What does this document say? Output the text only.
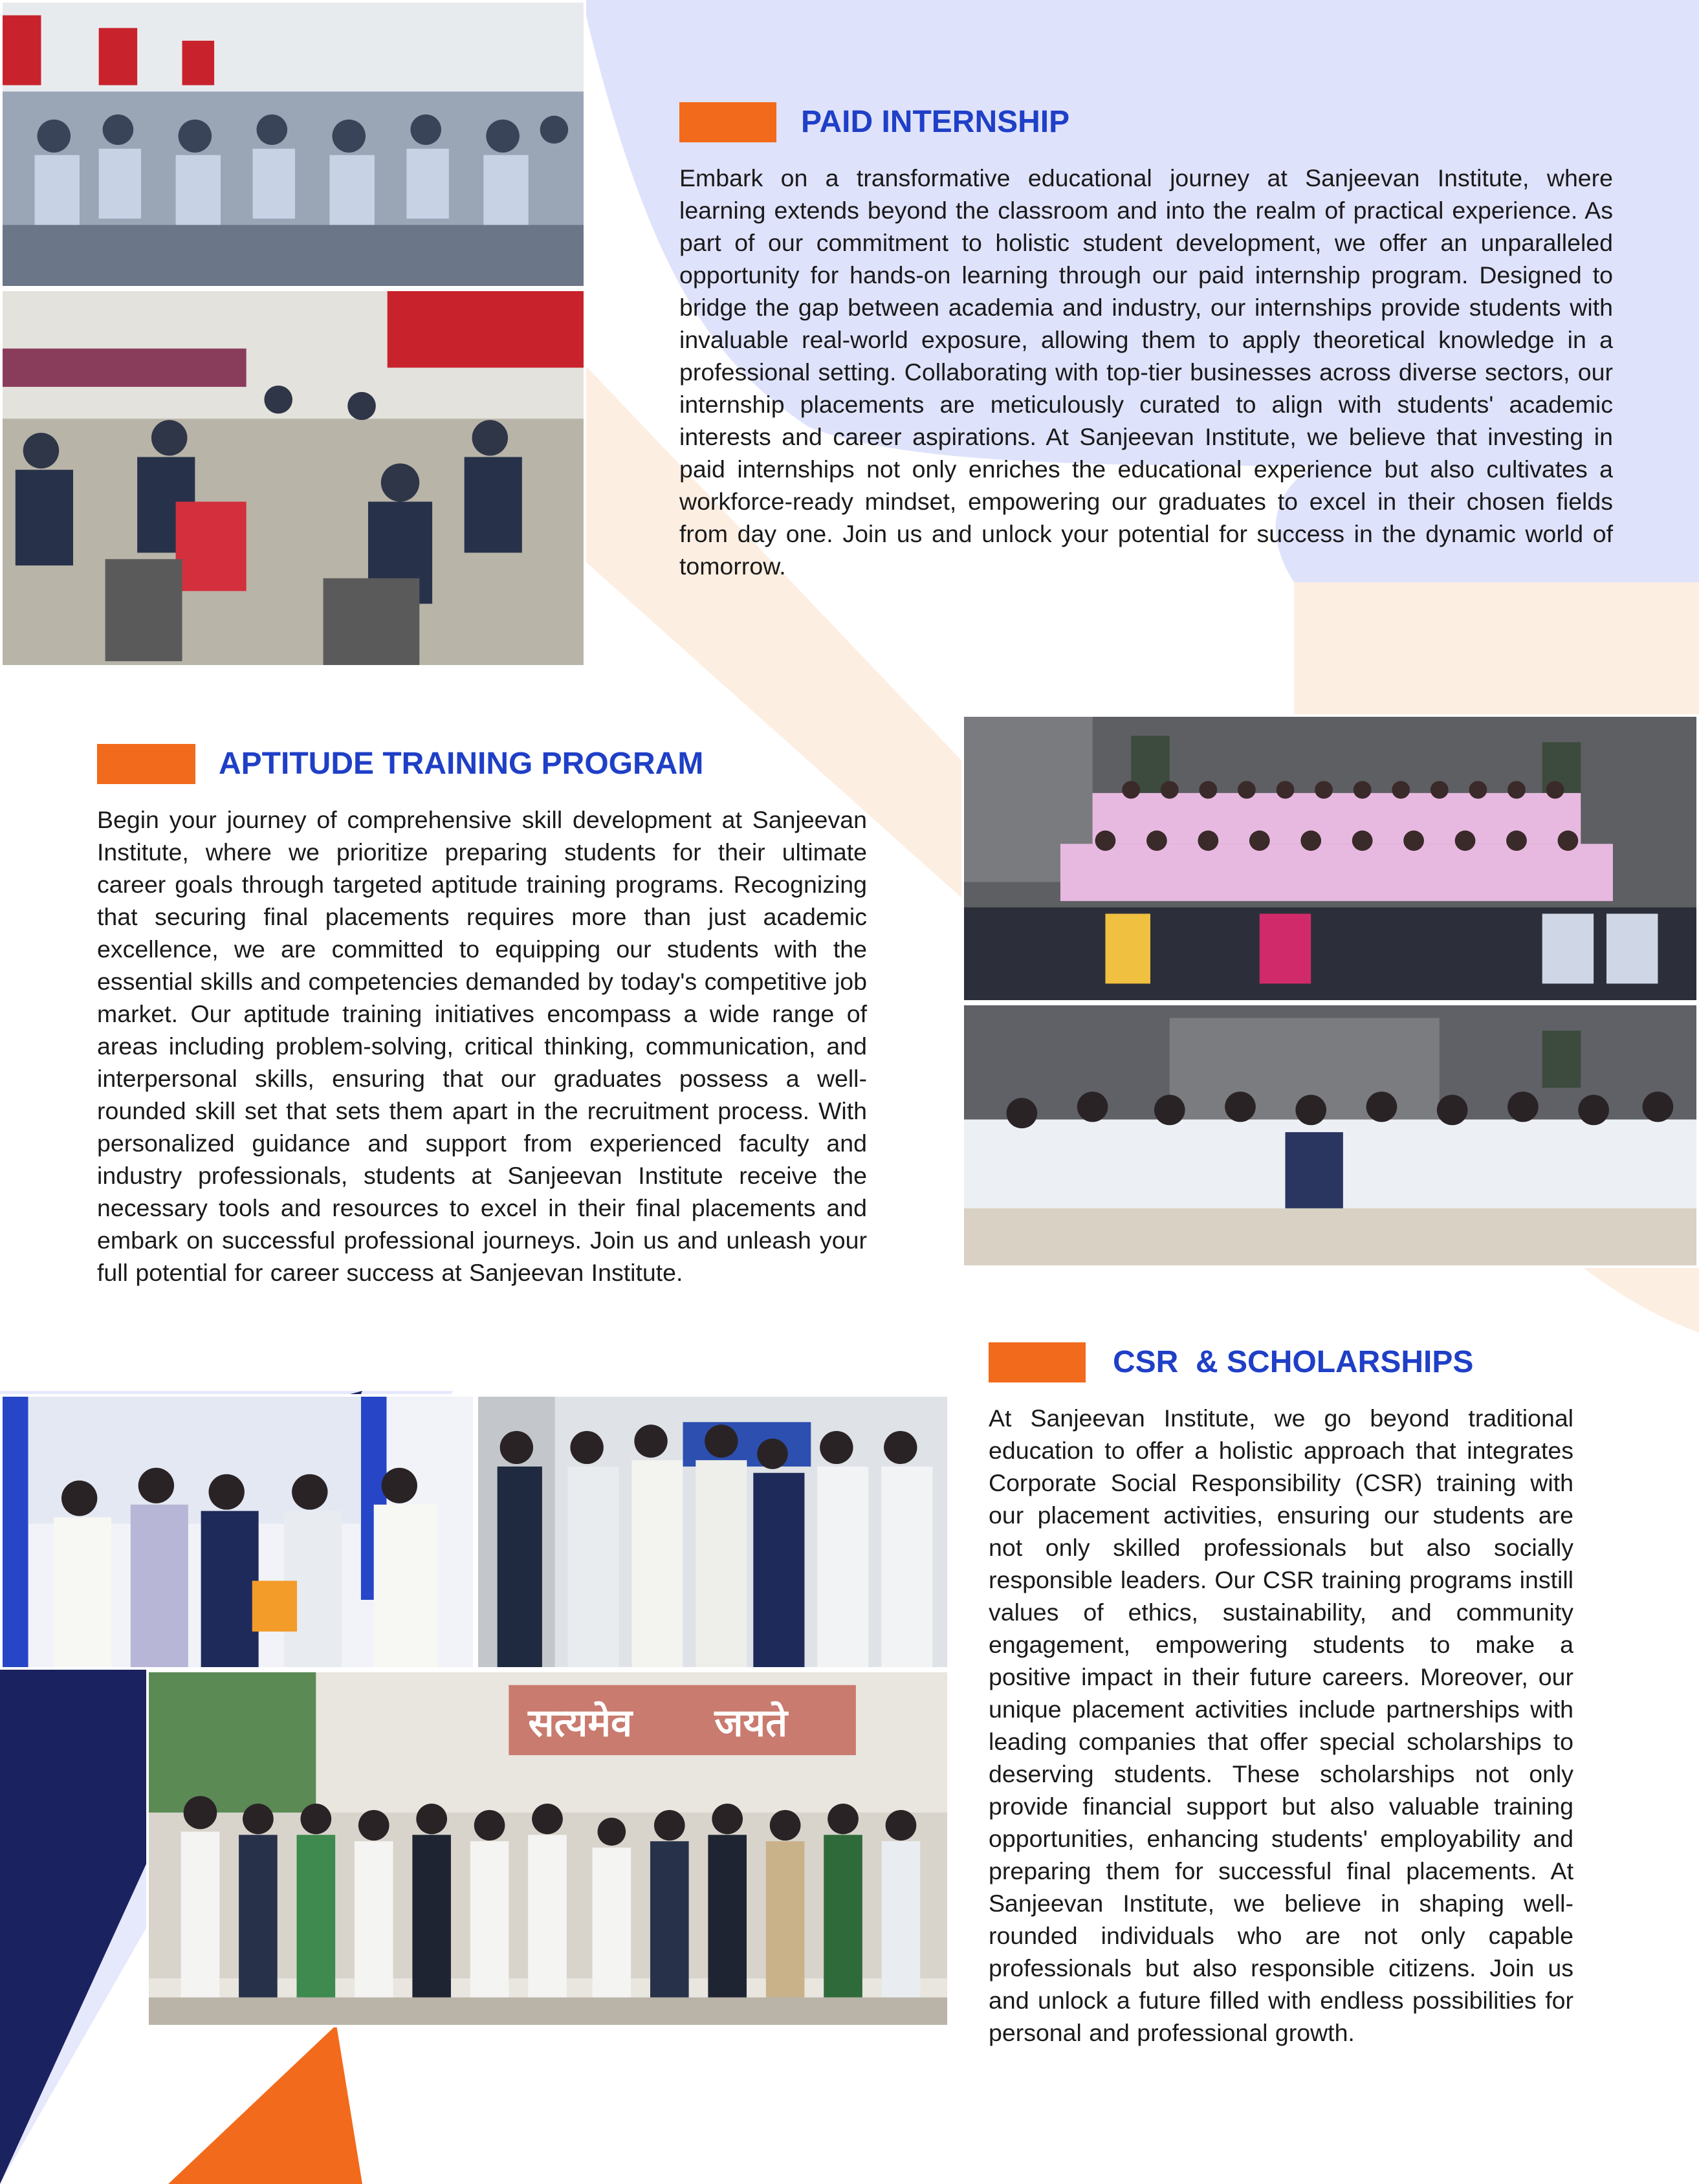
सत्यमेव जयते
PAID INTERNSHIP

Embark on a transformative educational journey at Sanjeevan Institute, where learning extends beyond the classroom and into the realm of practical experience. As part of our commitment to holistic student development, we offer an unparalleled opportunity for hands-on learning through our paid internship program. Designed to bridge the gap between academia and industry, our internships provide students with invaluable real-world exposure, allowing them to apply theoretical knowledge in a professional setting. Collaborating with top-tier businesses across diverse sectors, our internship placements are meticulously curated to align with students' academic interests and career aspirations. At Sanjeevan Institute, we believe that investing in paid internships not only enriches the educational experience but also cultivates a workforce-ready mindset, empowering our graduates to excel in their chosen fields from day one. Join us and unlock your potential for success in the dynamic world of tomorrow.

APTITUDE TRAINING PROGRAM

Begin your journey of comprehensive skill development at Sanjeevan Institute, where we prioritize preparing students for their ultimate career goals through targeted aptitude training programs. Recognizing that securing final placements requires more than just academic excellence, we are committed to equipping our students with the essential skills and competencies demanded by today's competitive job market. Our aptitude training initiatives encompass a wide range of areas including problem-solving, critical thinking, communication, and interpersonal skills, ensuring that our graduates possess a well-rounded skill set that sets them apart in the recruitment process. With personalized guidance and support from experienced faculty and industry professionals, students at Sanjeevan Institute receive the necessary tools and resources to excel in their final placements and embark on successful professional journeys. Join us and unleash your full potential for career success at Sanjeevan Institute.

CSR  & SCHOLARSHIPS

At Sanjeevan Institute, we go beyond traditional education to offer a holistic approach that integrates Corporate Social Responsibility (CSR) training with our placement activities, ensuring our students are not only skilled professionals but also socially responsible leaders. Our CSR training programs instill values of ethics, sustainability, and community engagement, empowering students to make a positive impact in their future careers. Moreover, our unique placement activities include partnerships with leading companies that offer special scholarships to deserving students. These scholarships not only provide financial support but also valuable training opportunities, enhancing students' employability and preparing them for successful final placements. At Sanjeevan Institute, we believe in shaping well-rounded individuals who are not only capable professionals but also responsible citizens. Join us and unlock a future filled with endless possibilities for personal and professional growth.
